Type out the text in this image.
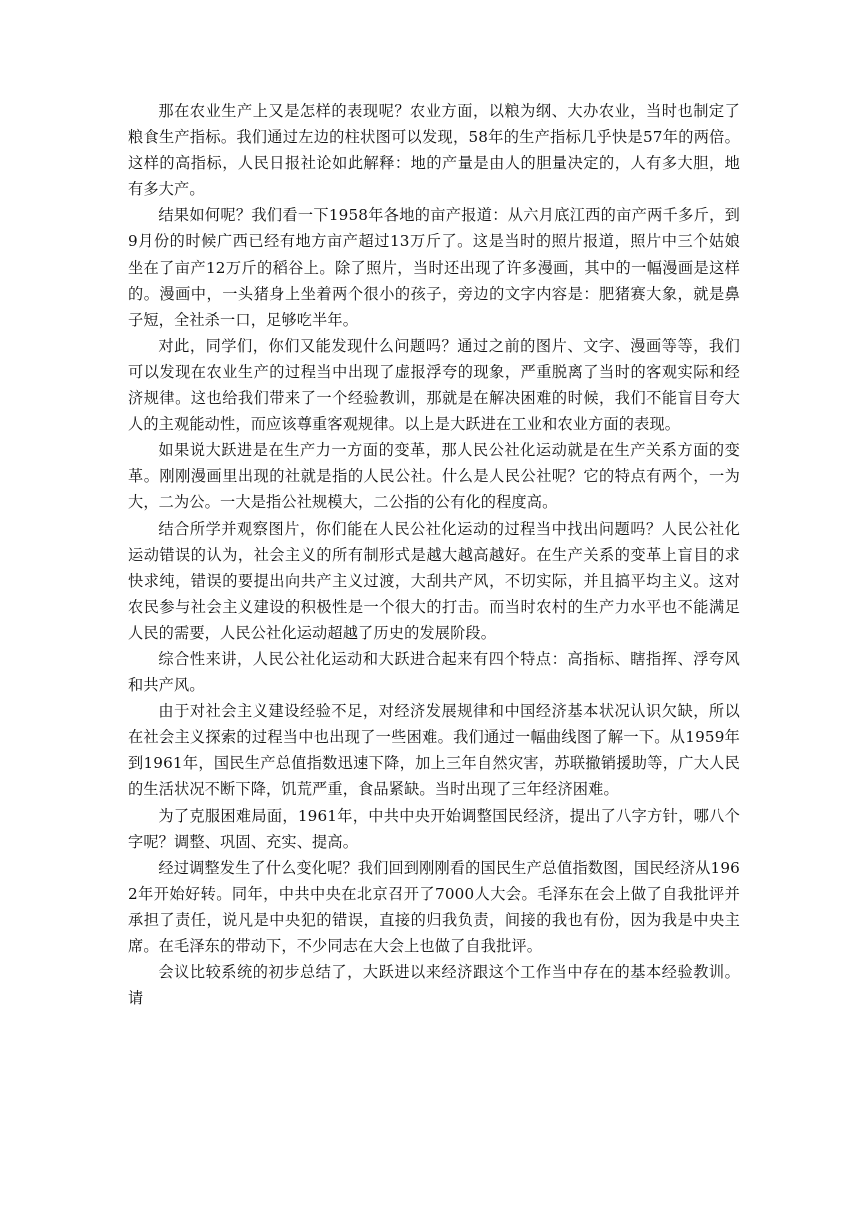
那在农业生产上又是怎样的表现呢？农业方面，以粮为纲、大办农业，当时也制定了粮食生产指标。我们通过左边的柱状图可以发现，58年的生产指标几乎快是57年的两倍。这样的高指标，人民日报社论如此解释：地的产量是由人的胆量决定的，人有多大胆，地有多大产。

结果如何呢？我们看一下1958年各地的亩产报道：从六月底江西的亩产两千多斤，到9月份的时候广西已经有地方亩产超过13万斤了。这是当时的照片报道，照片中三个姑娘坐在了亩产12万斤的稻谷上。除了照片，当时还出现了许多漫画，其中的一幅漫画是这样的。漫画中，一头猪身上坐着两个很小的孩子，旁边的文字内容是：肥猪赛大象，就是鼻子短，全社杀一口，足够吃半年。

对此，同学们，你们又能发现什么问题吗？通过之前的图片、文字、漫画等等，我们可以发现在农业生产的过程当中出现了虚报浮夸的现象，严重脱离了当时的客观实际和经济规律。这也给我们带来了一个经验教训，那就是在解决困难的时候，我们不能盲目夸大人的主观能动性，而应该尊重客观规律。以上是大跃进在工业和农业方面的表现。

如果说大跃进是在生产力一方面的变革，那人民公社化运动就是在生产关系方面的变革。刚刚漫画里出现的社就是指的人民公社。什么是人民公社呢？它的特点有两个，一为大，二为公。一大是指公社规模大，二公指的公有化的程度高。

结合所学并观察图片，你们能在人民公社化运动的过程当中找出问题吗？人民公社化运动错误的认为，社会主义的所有制形式是越大越高越好。在生产关系的变革上盲目的求快求纯，错误的要提出向共产主义过渡，大刮共产风，不切实际，并且搞平均主义。这对农民参与社会主义建设的积极性是一个很大的打击。而当时农村的生产力水平也不能满足人民的需要，人民公社化运动超越了历史的发展阶段。

综合性来讲，人民公社化运动和大跃进合起来有四个特点：高指标、瞎指挥、浮夸风和共产风。

由于对社会主义建设经验不足，对经济发展规律和中国经济基本状况认识欠缺，所以在社会主义探索的过程当中也出现了一些困难。我们通过一幅曲线图了解一下。从1959年到1961年，国民生产总值指数迅速下降，加上三年自然灾害，苏联撤销援助等，广大人民的生活状况不断下降，饥荒严重，食品紧缺。当时出现了三年经济困难。

为了克服困难局面，1961年，中共中央开始调整国民经济，提出了八字方针，哪八个字呢？调整、巩固、充实、提高。

经过调整发生了什么变化呢？我们回到刚刚看的国民生产总值指数图，国民经济从1962年开始好转。同年，中共中央在北京召开了7000人大会。毛泽东在会上做了自我批评并承担了责任，说凡是中央犯的错误，直接的归我负责，间接的我也有份，因为我是中央主席。在毛泽东的带动下，不少同志在大会上也做了自我批评。

会议比较系统的初步总结了，大跃进以来经济跟这个工作当中存在的基本经验教训。请
